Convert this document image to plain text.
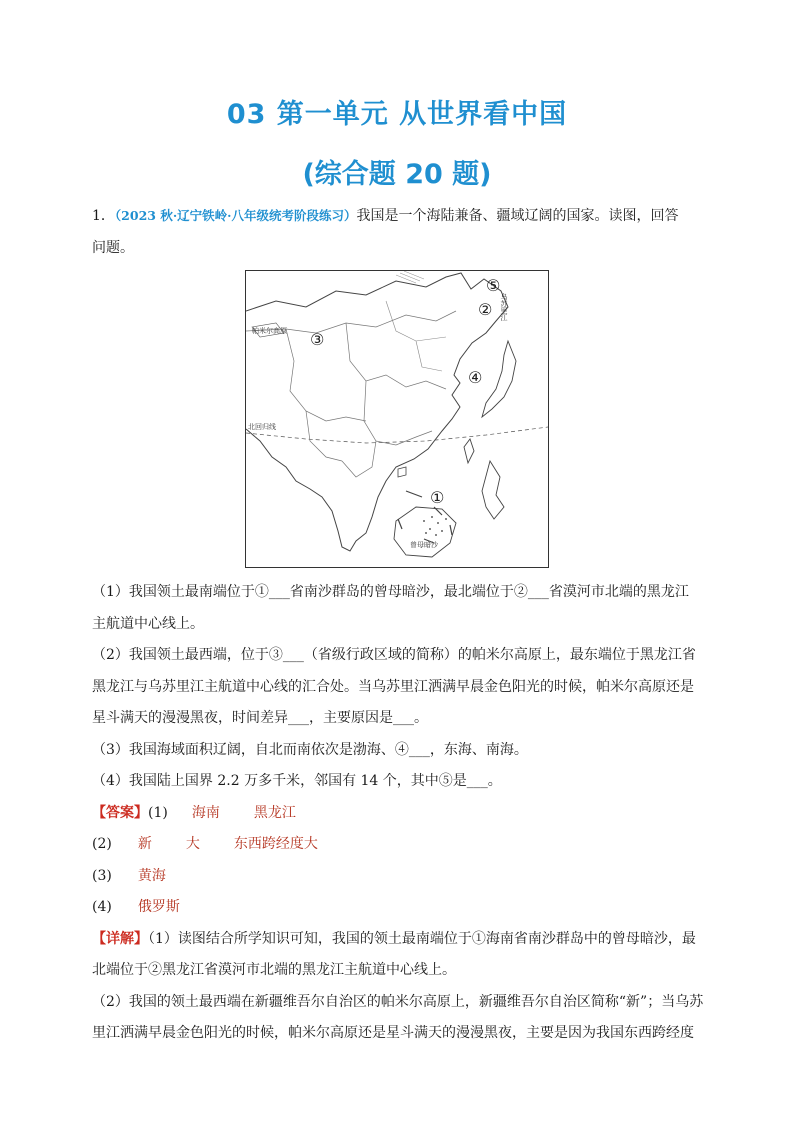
03 第一单元 从世界看中国
(综合题 20 题)
1．（2023 秋·辽宁铁岭·八年级统考阶段练习）我国是一个海陆兼备、疆域辽阔的国家。读图，回答
问题。
⑤
②
③
④
①
帕米尔高原
北回归线
曾母暗沙
乌苏里江
（1）我国领土最南端位于①___省南沙群岛的曾母暗沙，最北端位于②___省漠河市北端的黑龙江
主航道中心线上。
（2）我国领土最西端，位于③___（省级行政区域的简称）的帕米尔高原上，最东端位于黑龙江省
黑龙江与乌苏里江主航道中心线的汇合处。当乌苏里江洒满早晨金色阳光的时候，帕米尔高原还是
星斗满天的漫漫黑夜，时间差异___，主要原因是___。
（3）我国海域面积辽阔，自北而南依次是渤海、④___，东海、南海。
（4）我国陆上国界 2.2 万多千米，邻国有 14 个，其中⑤是___。
【答案】(1) 海南 黑龙江
(2) 新 大 东西跨经度大
(3) 黄海
(4) 俄罗斯
【详解】（1）读图结合所学知识可知，我国的领土最南端位于①海南省南沙群岛中的曾母暗沙，最
北端位于②黑龙江省漠河市北端的黑龙江主航道中心线上。
（2）我国的领土最西端在新疆维吾尔自治区的帕米尔高原上，新疆维吾尔自治区简称“新”；当乌苏
里江洒满早晨金色阳光的时候，帕米尔高原还是星斗满天的漫漫黑夜，主要是因为我国东西跨经度
